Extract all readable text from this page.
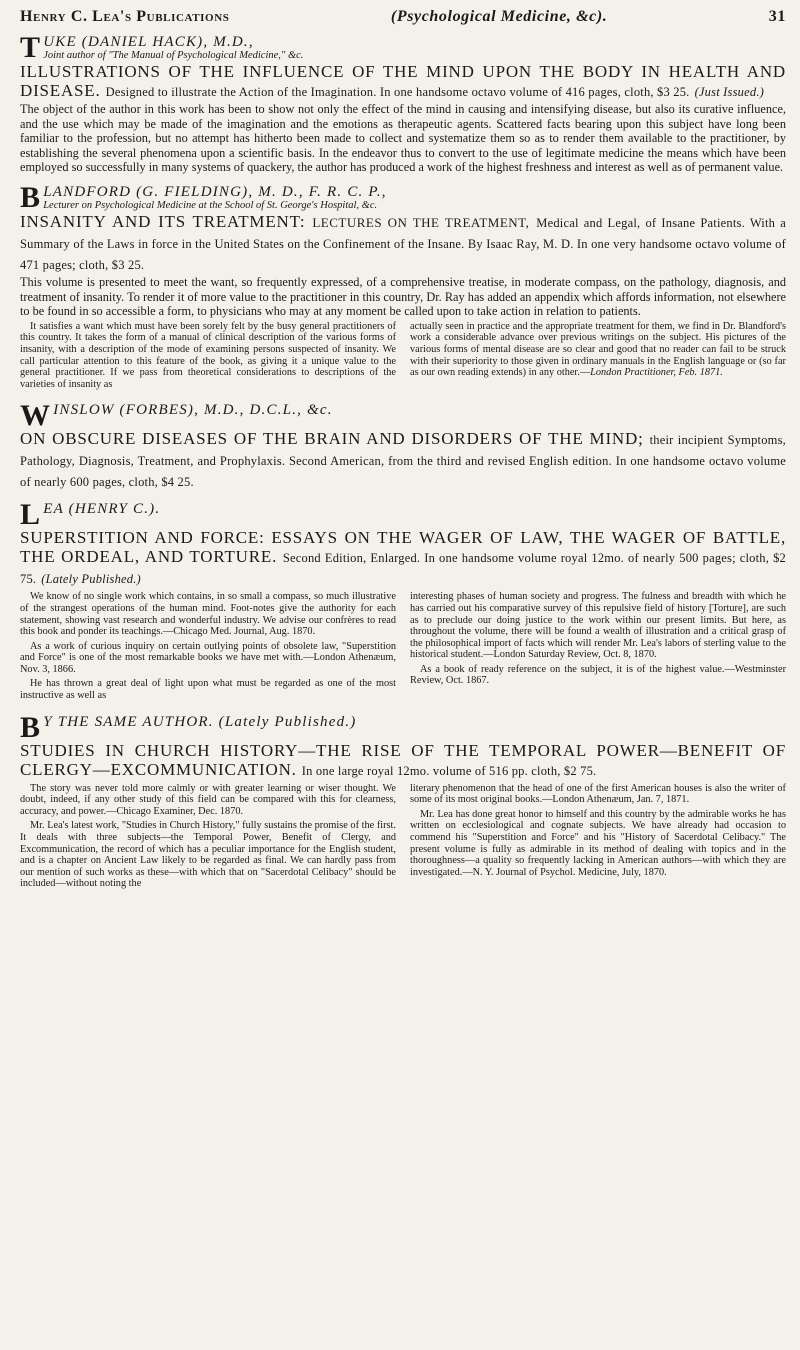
Henry C. Lea's Publications	(Psychological Medicine, &c).	31
TUKE (DANIEL HACK), M.D.,
Joint author of "The Manual of Psychological Medicine," &c.
ILLUSTRATIONS OF THE INFLUENCE OF THE MIND UPON THE BODY IN HEALTH AND DISEASE. Designed to illustrate the Action of the Imagination. In one handsome octavo volume of 416 pages, cloth, $3 25. (Just Issued.)

The object of the author in this work has been to show not only the effect of the mind in causing and intensifying disease, but also its curative influence, and the use which may be made of the imagination and the emotions as therapeutic agents. Scattered facts bearing upon this subject have long been familiar to the profession, but no attempt has hitherto been made to collect and systematize them so as to render them available to the practitioner, by establishing the several phenomena upon a scientific basis. In the endeavor thus to convert to the use of legitimate medicine the means which have been employed so successfully in many systems of quackery, the author has produced a work of the highest freshness and interest as well as of permanent value.

BLANDFORD (G. FIELDING), M. D., F. R. C. P.,
Lecturer on Psychological Medicine at the School of St. George's Hospital, &c.
INSANITY AND ITS TREATMENT: LECTURES ON THE TREATMENT, Medical and Legal, of Insane Patients. With a Summary of the Laws in force in the United States on the Confinement of the Insane. By Isaac Ray, M. D. In one very handsome octavo volume of 471 pages; cloth, $3 25.

This volume is presented to meet the want, so frequently expressed, of a comprehensive treatise, in moderate compass, on the pathology, diagnosis, and treatment of insanity. To render it of more value to the practitioner in this country, Dr. Ray has added an appendix which affords information, not elsewhere to be found in so accessible a form, to physicians who may at any moment be called upon to take action in relation to patients.

It satisfies a want which must have been sorely felt by the busy general practitioners of this country. It takes the form of a manual of clinical description of the various forms of insanity, with a description of the mode of examining persons suspected of insanity. We call particular attention to this feature of the book, as giving it a unique value to the general practitioner. If we pass from theoretical considerations to descriptions of the varieties of insanity as

actually seen in practice and the appropriate treatment for them, we find in Dr. Blandford's work a considerable advance over previous writings on the subject. His pictures of the various forms of mental disease are so clear and good that no reader can fail to be struck with their superiority to those given in ordinary manuals in the English language or (so far as our own reading extends) in any other.—London Practitioner, Feb. 1871.

WINSLOW (FORBES), M.D., D.C.L., &c.
ON OBSCURE DISEASES OF THE BRAIN AND DISORDERS OF THE MIND; their incipient Symptoms, Pathology, Diagnosis, Treatment, and Prophylaxis. Second American, from the third and revised English edition. In one handsome octavo volume of nearly 600 pages, cloth, $4 25.
LEA (HENRY C.).
SUPERSTITION AND FORCE: ESSAYS ON THE WAGER OF LAW, THE WAGER OF BATTLE, THE ORDEAL, AND TORTURE. Second Edition, Enlarged. In one handsome volume royal 12mo. of nearly 500 pages; cloth, $2 75. (Lately Published.)

We know of no single work which contains, in so small a compass, so much illustrative of the strangest operations of the human mind. Foot-notes give the authority for each statement, showing vast research and wonderful industry. We advise our confrères to read this book and ponder its teachings.—Chicago Med. Journal, Aug. 1870.

As a work of curious inquiry on certain outlying points of obsolete law, "Superstition and Force" is one of the most remarkable books we have met with.—London Athenæum, Nov. 3, 1866.

He has thrown a great deal of light upon what must be regarded as one of the most instructive as well as

interesting phases of human society and progress. The fulness and breadth with which he has carried out his comparative survey of this repulsive field of history [Torture], are such as to preclude our doing justice to the work within our present limits. But here, as throughout the volume, there will be found a wealth of illustration and a critical grasp of the philosophical import of facts which will render Mr. Lea's labors of sterling value to the historical student.—London Saturday Review, Oct. 8, 1870.

As a book of ready reference on the subject, it is of the highest value.—Westminster Review, Oct. 1867.

B Y THE SAME AUTHOR. (Lately Published.)
STUDIES IN CHURCH HISTORY—THE RISE OF THE TEMPORAL POWER—BENEFIT OF CLERGY—EXCOMMUNICATION. In one large royal 12mo. volume of 516 pp. cloth, $2 75.

The story was never told more calmly or with greater learning or wiser thought. We doubt, indeed, if any other study of this field can be compared with this for clearness, accuracy, and power.—Chicago Examiner, Dec. 1870.

Mr. Lea's latest work, "Studies in Church History," fully sustains the promise of the first. It deals with three subjects—the Temporal Power, Benefit of Clergy, and Excommunication, the record of which has a peculiar importance for the English student, and is a chapter on Ancient Law likely to be regarded as final. We can hardly pass from our mention of such works as these—with which that on "Sacerdotal Celibacy" should be included—without noting the

literary phenomenon that the head of one of the first American houses is also the writer of some of its most original books.—London Athenæum, Jan. 7, 1871.

Mr. Lea has done great honor to himself and this country by the admirable works he has written on ecclesiological and cognate subjects. We have already had occasion to commend his "Superstition and Force" and his "History of Sacerdotal Celibacy." The present volume is fully as admirable in its method of dealing with topics and in the thoroughness—a quality so frequently lacking in American authors—with which they are investigated.—N. Y. Journal of Psychol. Medicine, July, 1870.
